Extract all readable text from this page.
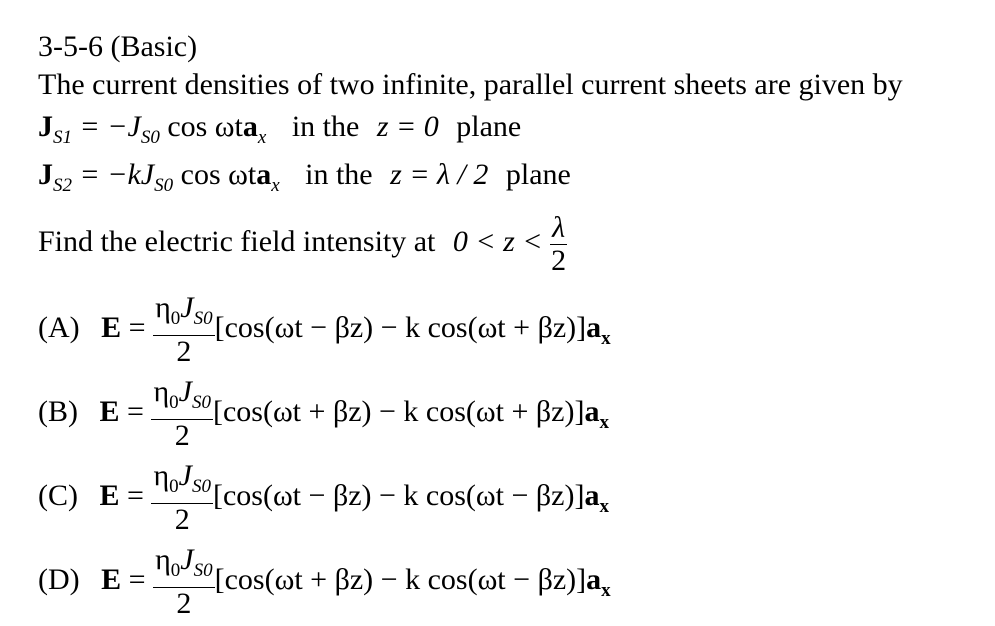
3-5-6 (Basic)
The current densities of two infinite, parallel current sheets are given by
$J_{S1} = -J_{S0}$ cos ωta$_x$ in the z = 0 plane
$J_{S2} = -kJ_{S0}$ cos ωta$_x$ in the z = λ / 2 plane
Find the electric field intensity at $0 < z < \frac{\lambda}{2}$
(A) $E = \frac{\eta_0J_{S0}}{2} [\cos(\omega t - \beta z) - k$ $\cos(\omega t + \beta z)]a_x$
(B) $E = \frac{\eta_0J_{S0}}{2} [\cos(\omega t + \beta z) - k$ $\cos(\omega t + \beta z)]a_x$
(C) $E = \frac{\eta_0J_{S0}}{2} [\cos(\omega t - \beta z) - k$ $\cos(\omega t - \beta z)]a_x$
(D) $E = \frac{\eta_0J_{S0}}{2} [\cos(\omega t + \beta z) - k$ $\cos(\omega t - \beta z)]a_x$
